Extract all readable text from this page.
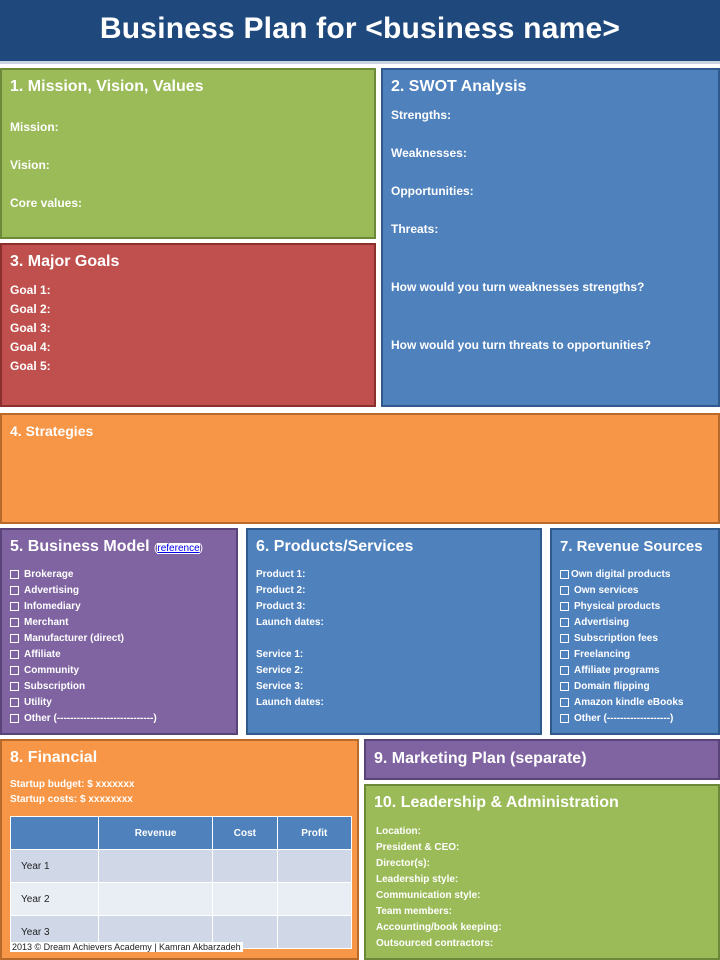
Business Plan for <business name>
1. Mission, Vision, Values
Mission:
Vision:
Core values:
2. SWOT Analysis
Strengths:
Weaknesses:
Opportunities:
Threats:
How would you turn weaknesses strengths?
How would you turn threats to opportunities?
3. Major Goals
Goal 1:
Goal 2:
Goal 3:
Goal 4:
Goal 5:
4. Strategies
5. Business Model (reference)
Brokerage
Advertising
Infomediary
Merchant
Manufacturer (direct)
Affiliate
Community
Subscription
Utility
Other (-----------------------------)
6. Products/Services
Product 1:
Product 2:
Product 3:
Launch dates:
Service 1:
Service 2:
Service 3:
Launch dates:
7. Revenue Sources
Own digital products
Own services
Physical products
Advertising
Subscription fees
Freelancing
Affiliate programs
Domain flipping
Amazon kindle eBooks
Other (-------------------)
8. Financial
Startup budget: $ xxxxxxx
Startup costs: $ xxxxxxxx
	Revenue	Cost	Profit
Year 1			
Year 2			
Year 3			
2013 © Dream Achievers Academy | Kamran Akbarzadeh
9. Marketing Plan (separate)
10. Leadership & Administration
Location:
President & CEO:
Director(s):
Leadership style:
Communication style:
Team members:
Accounting/book keeping:
Outsourced contractors:
